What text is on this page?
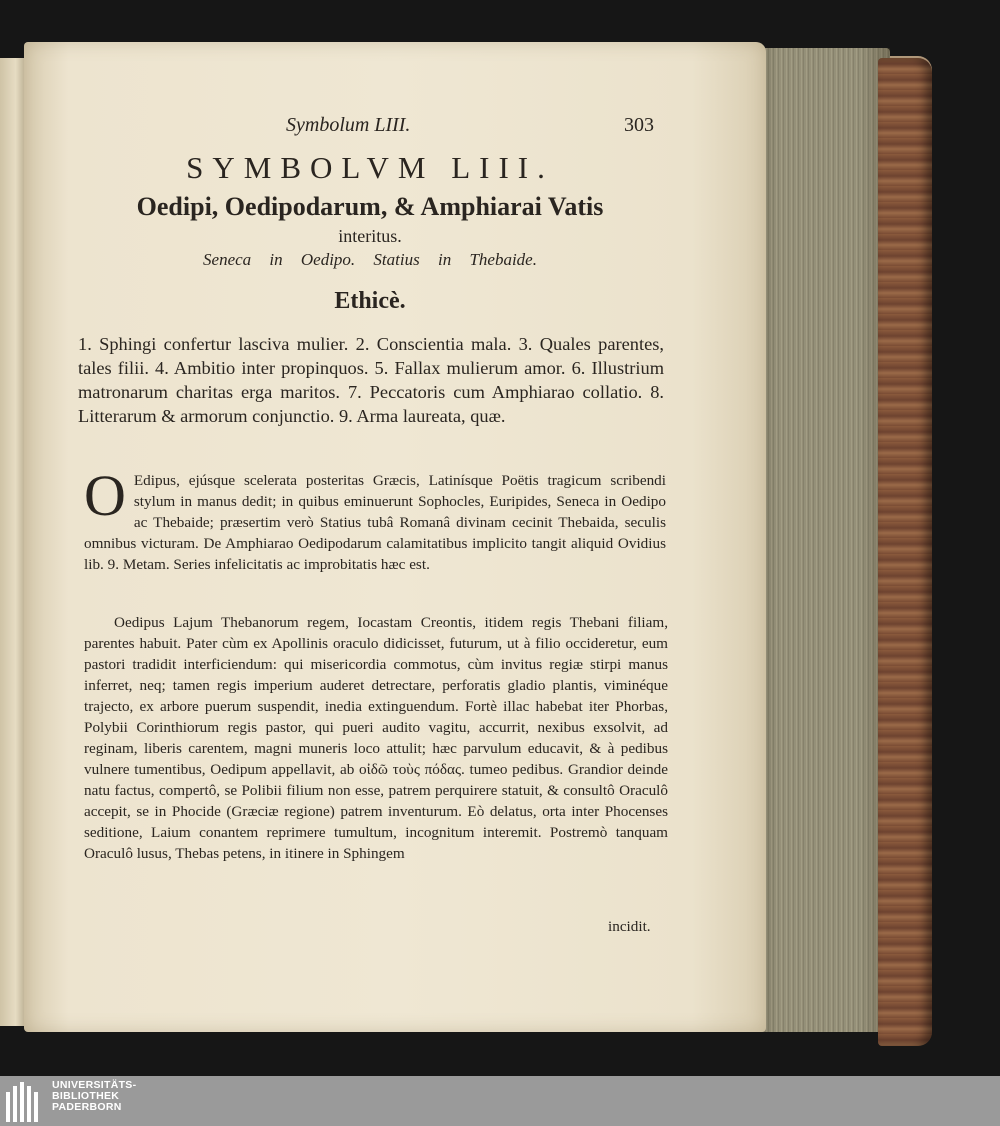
Symbolum LIII.	303
SYMBOLVM LIII.
Oedipi, Oedipodarum, & Amphiarai Vatis
interitus.
Seneca in Oedipo. Statius in Thebaide.
Ethicè.
1. Sphingi confertur lasciva mulier. 2. Conscientia mala. 3. Quales parentes, tales filii. 4. Ambitio inter propinquos. 5. Fallax mulierum amor. 6. Illustrium matronarum charitas erga maritos. 7. Peccatoris cum Amphiarao collatio. 8. Litterarum & armorum conjunctio. 9. Arma laureata, quæ.
O Edipus, ejúsque scelerata posteritas Græcis, Latinísque Poëtis tragicum scribendi stylum in manus dedit; in quibus eminuerunt Sophocles, Euripides, Seneca in Oedipo ac Thebaide; præsertim verò Statius tubâ Romanâ divinam cecinit Thebaida, seculis omnibus victuram. De Amphiarao Oedipodarum calamitatibus implicito tangit aliquid Ovidius lib. 9. Metam. Series infelicitatis ac improbitatis hæc est.
Oedipus Lajum Thebanorum regem, Iocastam Creontis, itidem regis Thebani filiam, parentes habuit. Pater cùm ex Apollinis oraculo didicisset, futurum, ut à filio occideretur, eum pastori tradidit interficiendum: qui misericordia commotus, cùm invitus regiæ stirpi manus inferret, neq; tamen regis imperium auderet detrectare, perforatis gladio plantis, viminéque trajecto, ex arbore puerum suspendit, inedia extinguendum. Fortè illac habebat iter Phorbas, Polybii Corinthiorum regis pastor, qui pueri audito vagitu, accurrit, nexibus exsolvit, ad reginam, liberis carentem, magni muneris loco attulit; hæc parvulum educavit, & à pedibus vulnere tumentibus, Oedipum appellavit, ab οἰδῶ τοὺς πόδας. tumeo pedibus. Grandior deinde natu factus, compertô, se Polibii filium non esse, patrem perquirere statuit, & consultô Oraculô accepit, se in Phocide (Græciæ regione) patrem inventurum. Eò delatus, orta inter Phocenses seditione, Laium conantem reprimere tumultum, incognitum interemit. Postremò tanquam Oraculô lusus, Thebas petens, in itinere in Sphingem
incidit.
UNIVERSITÄTS-
BIBLIOTHEK
PADERBORN
